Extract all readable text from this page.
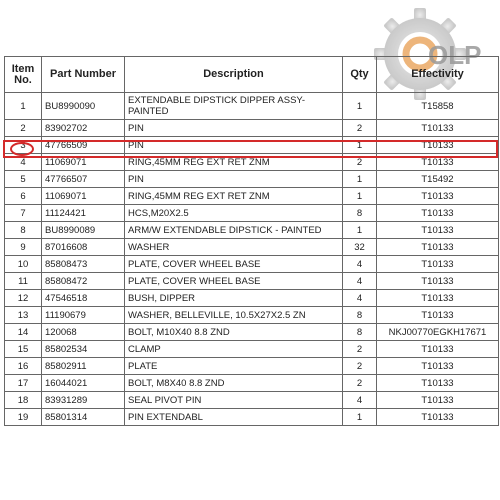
OLP
Item No.	Part Number	Description	Qty	Effectivity
1	BU8990090	EXTENDABLE DIPSTICK DIPPER ASSY-PAINTED	1	T15858
2	83902702	PIN	2	T10133
3	47766509	PIN	1	T10133
4	11069071	RING,45MM REG EXT RET ZNM	2	T10133
5	47766507	PIN	1	T15492
6	11069071	RING,45MM REG EXT RET ZNM	1	T10133
7	11124421	HCS,M20X2.5	8	T10133
8	BU8990089	ARM/W EXTENDABLE DIPSTICK - PAINTED	1	T10133
9	87016608	WASHER	32	T10133
10	85808473	PLATE, COVER WHEEL BASE	4	T10133
11	85808472	PLATE, COVER WHEEL BASE	4	T10133
12	47546518	BUSH, DIPPER	4	T10133
13	11190679	WASHER, BELLEVILLE, 10.5X27X2.5 ZN	8	T10133
14	120068	BOLT, M10X40 8.8 ZND	8	NKJ00770EGKH17671
15	85802534	CLAMP	2	T10133
16	85802911	PLATE	2	T10133
17	16044021	BOLT, M8X40 8.8 ZND	2	T10133
18	83931289	SEAL PIVOT PIN	4	T10133
19	85801314	PIN EXTENDABL	1	T10133
